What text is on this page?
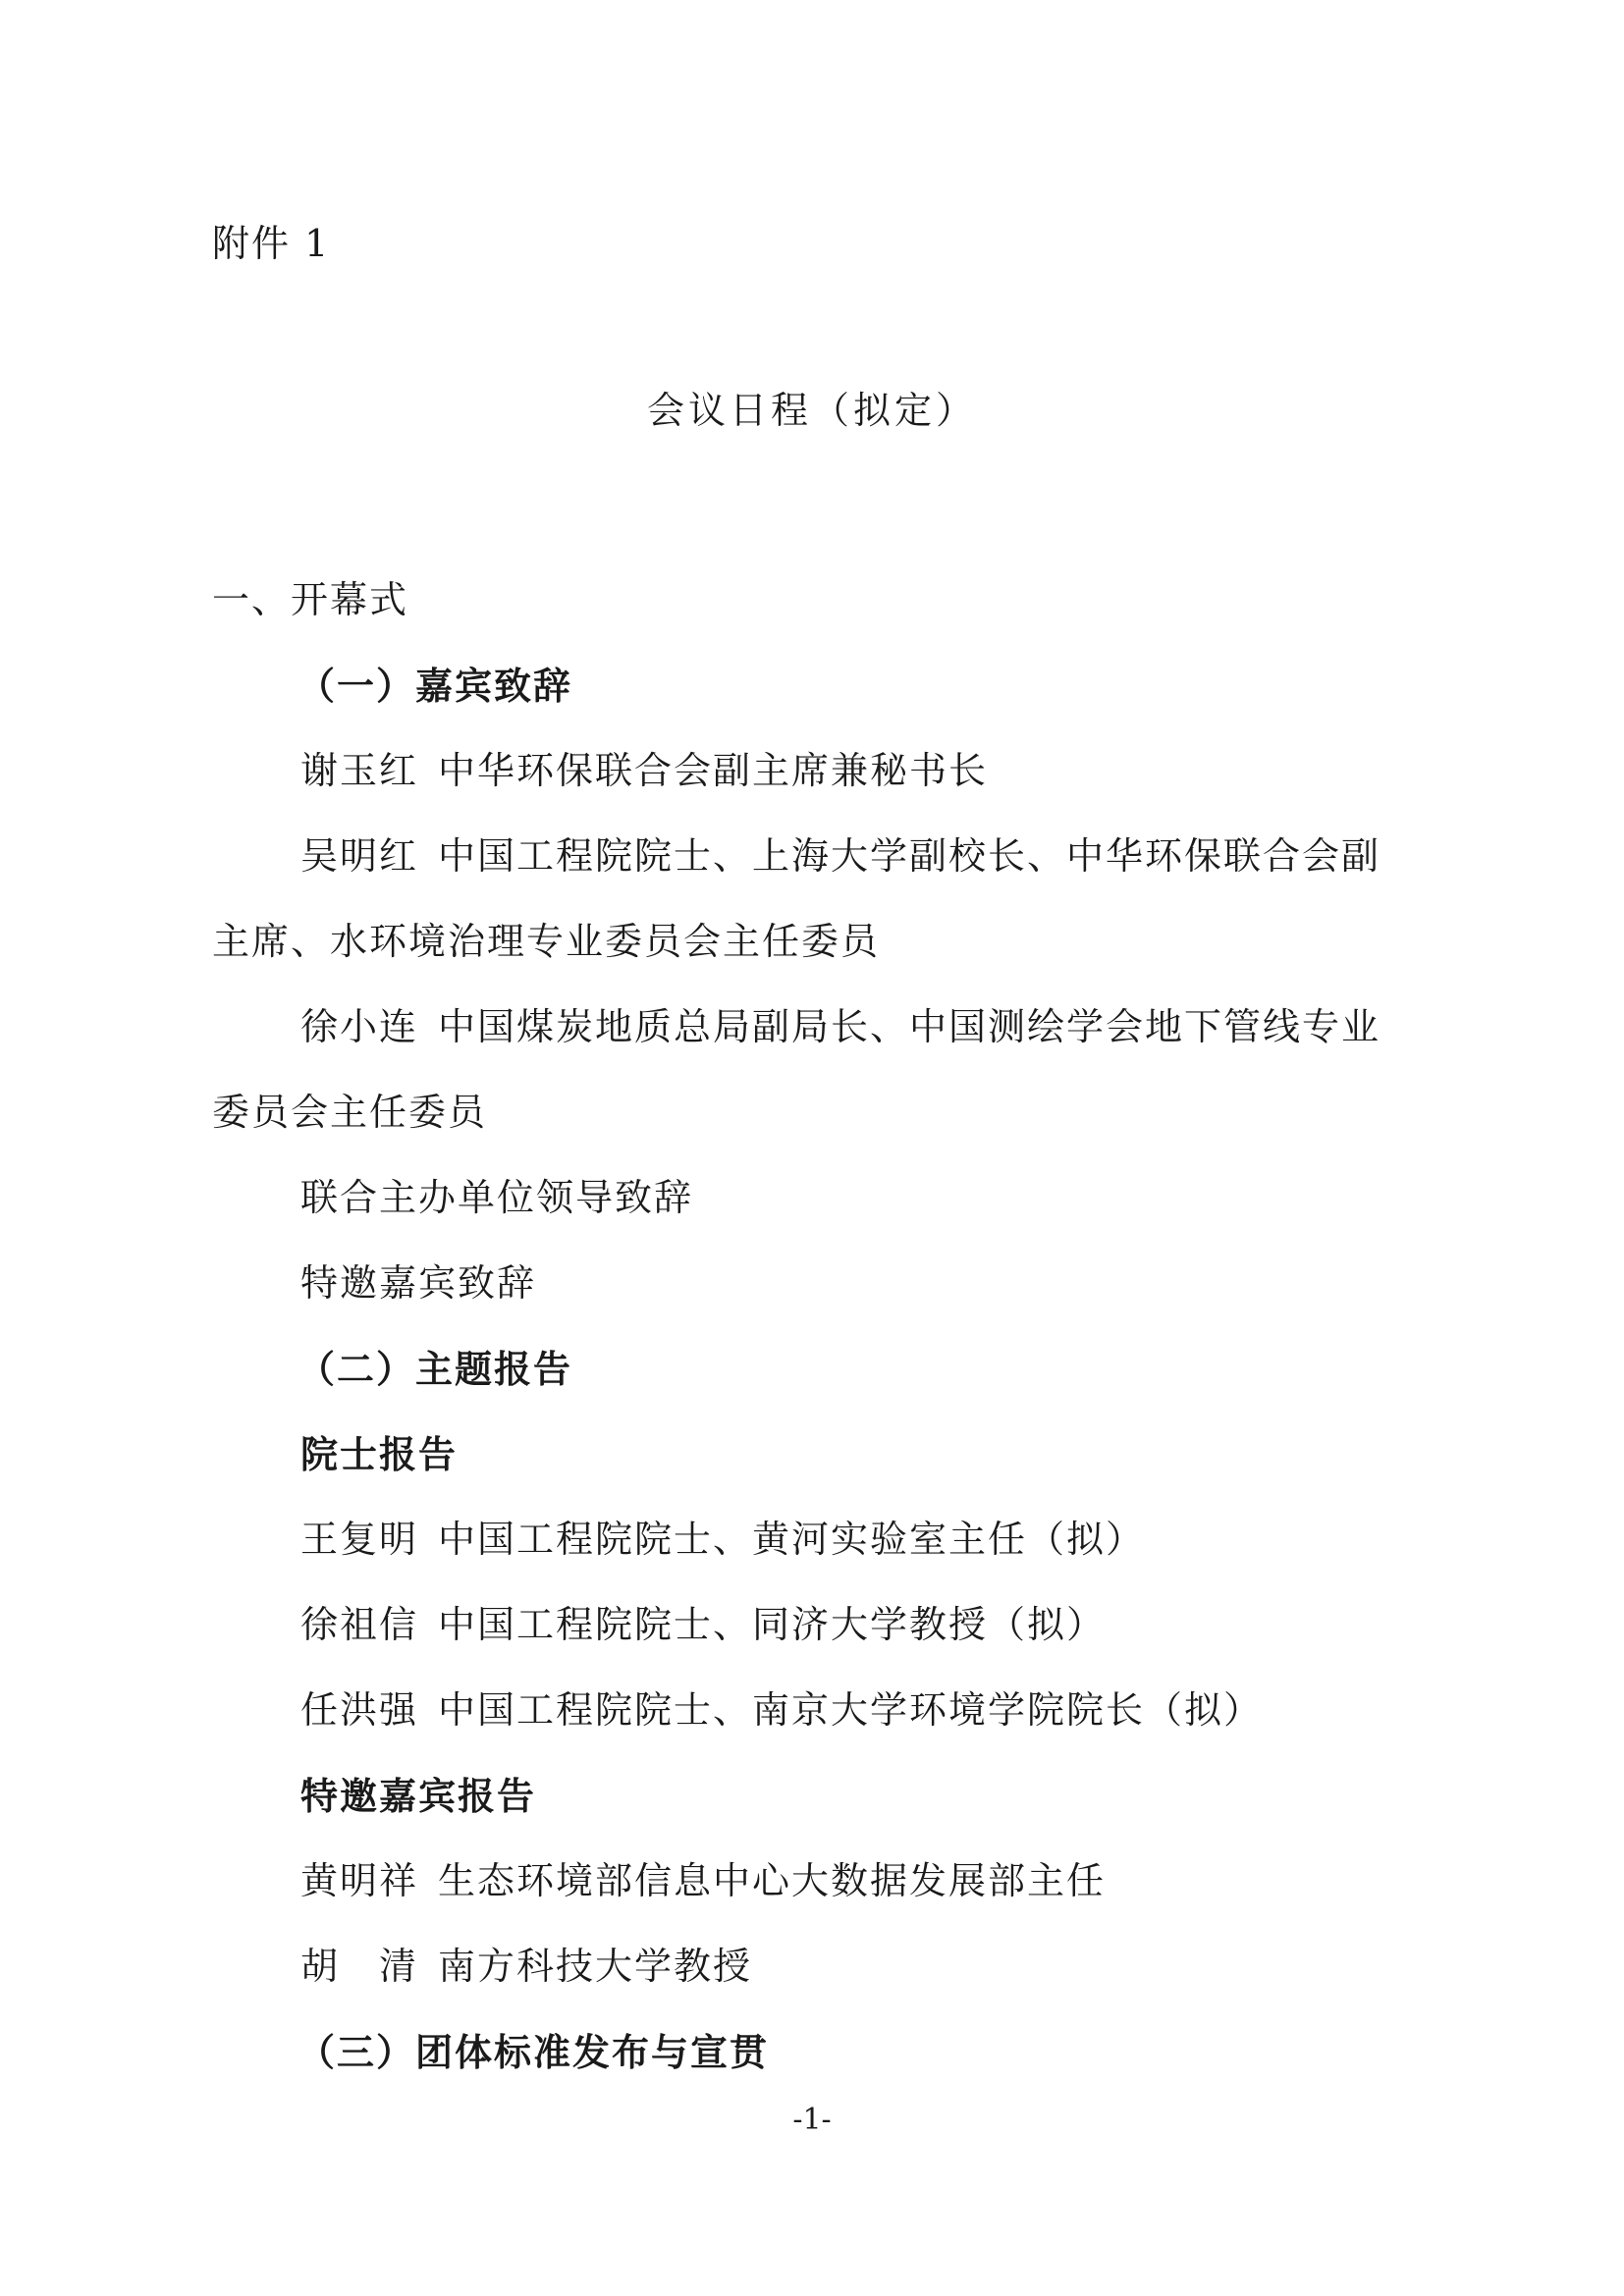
附件 1
会议日程（拟定）
一、开幕式
（一）嘉宾致辞
谢玉红 中华环保联合会副主席兼秘书长
吴明红 中国工程院院士、上海大学副校长、中华环保联合会副
主席、水环境治理专业委员会主任委员
徐小连 中国煤炭地质总局副局长、中国测绘学会地下管线专业
委员会主任委员
联合主办单位领导致辞
特邀嘉宾致辞
（二）主题报告
院士报告
王复明 中国工程院院士、黄河实验室主任（拟）
徐祖信 中国工程院院士、同济大学教授（拟）
任洪强 中国工程院院士、南京大学环境学院院长（拟）
特邀嘉宾报告
黄明祥 生态环境部信息中心大数据发展部主任
胡　清 南方科技大学教授
（三）团体标准发布与宣贯
-1-
